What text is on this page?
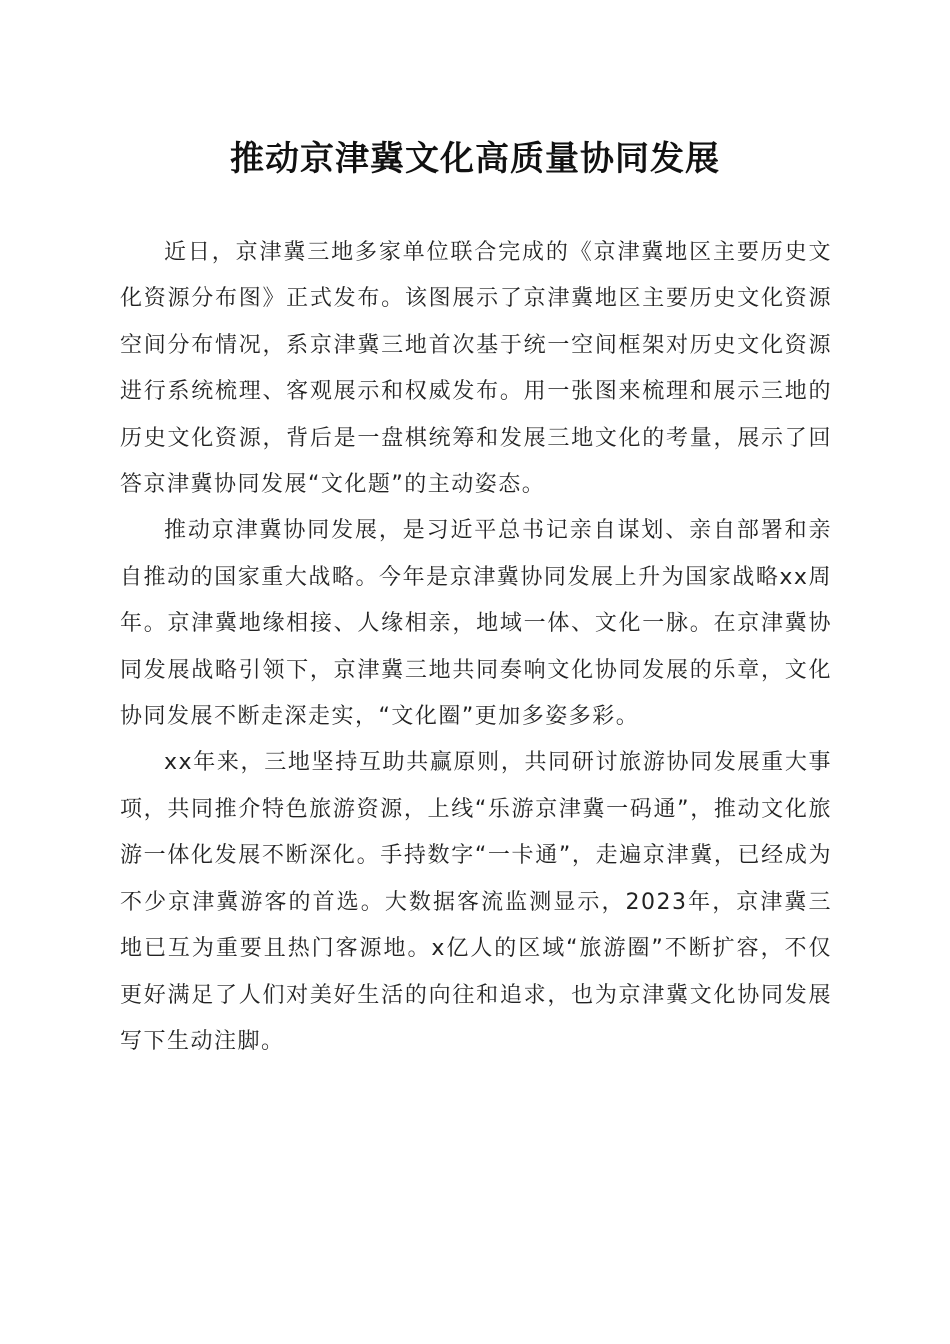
推动京津冀文化高质量协同发展

近日，京津冀三地多家单位联合完成的《京津冀地区主要历史文化资源分布图》正式发布。该图展示了京津冀地区主要历史文化资源空间分布情况，系京津冀三地首次基于统一空间框架对历史文化资源进行系统梳理、客观展示和权威发布。用一张图来梳理和展示三地的历史文化资源，背后是一盘棋统筹和发展三地文化的考量，展示了回答京津冀协同发展“文化题”的主动姿态。

推动京津冀协同发展，是习近平总书记亲自谋划、亲自部署和亲自推动的国家重大战略。今年是京津冀协同发展上升为国家战略xx周年。京津冀地缘相接、人缘相亲，地域一体、文化一脉。在京津冀协同发展战略引领下，京津冀三地共同奏响文化协同发展的乐章，文化协同发展不断走深走实，“文化圈”更加多姿多彩。

xx年来，三地坚持互助共赢原则，共同研讨旅游协同发展重大事项，共同推介特色旅游资源，上线“乐游京津冀一码通”，推动文化旅游一体化发展不断深化。手持数字“一卡通”，走遍京津冀，已经成为不少京津冀游客的首选。大数据客流监测显示，2023年，京津冀三地已互为重要且热门客源地。x亿人的区域“旅游圈”不断扩容，不仅更好满足了人们对美好生活的向往和追求，也为京津冀文化协同发展写下生动注脚。
